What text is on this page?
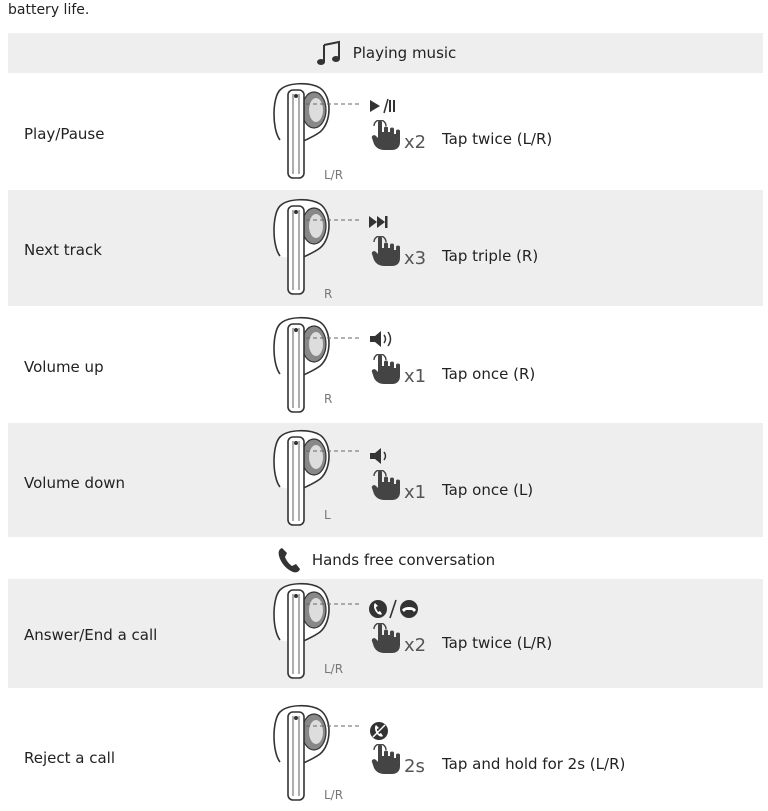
battery life.
Playing music
Play/Pause
L/R
x2 Tap twice (L/R)
Next track
R
x3 Tap triple (R)
Volume up
R
x1 Tap once (R)
Volume down
L
x1 Tap once (L)
Hands free conversation
Answer/End a call
L/R
x2 Tap twice (L/R)
Reject a call
L/R
2s Tap and hold for 2s (L/R)
